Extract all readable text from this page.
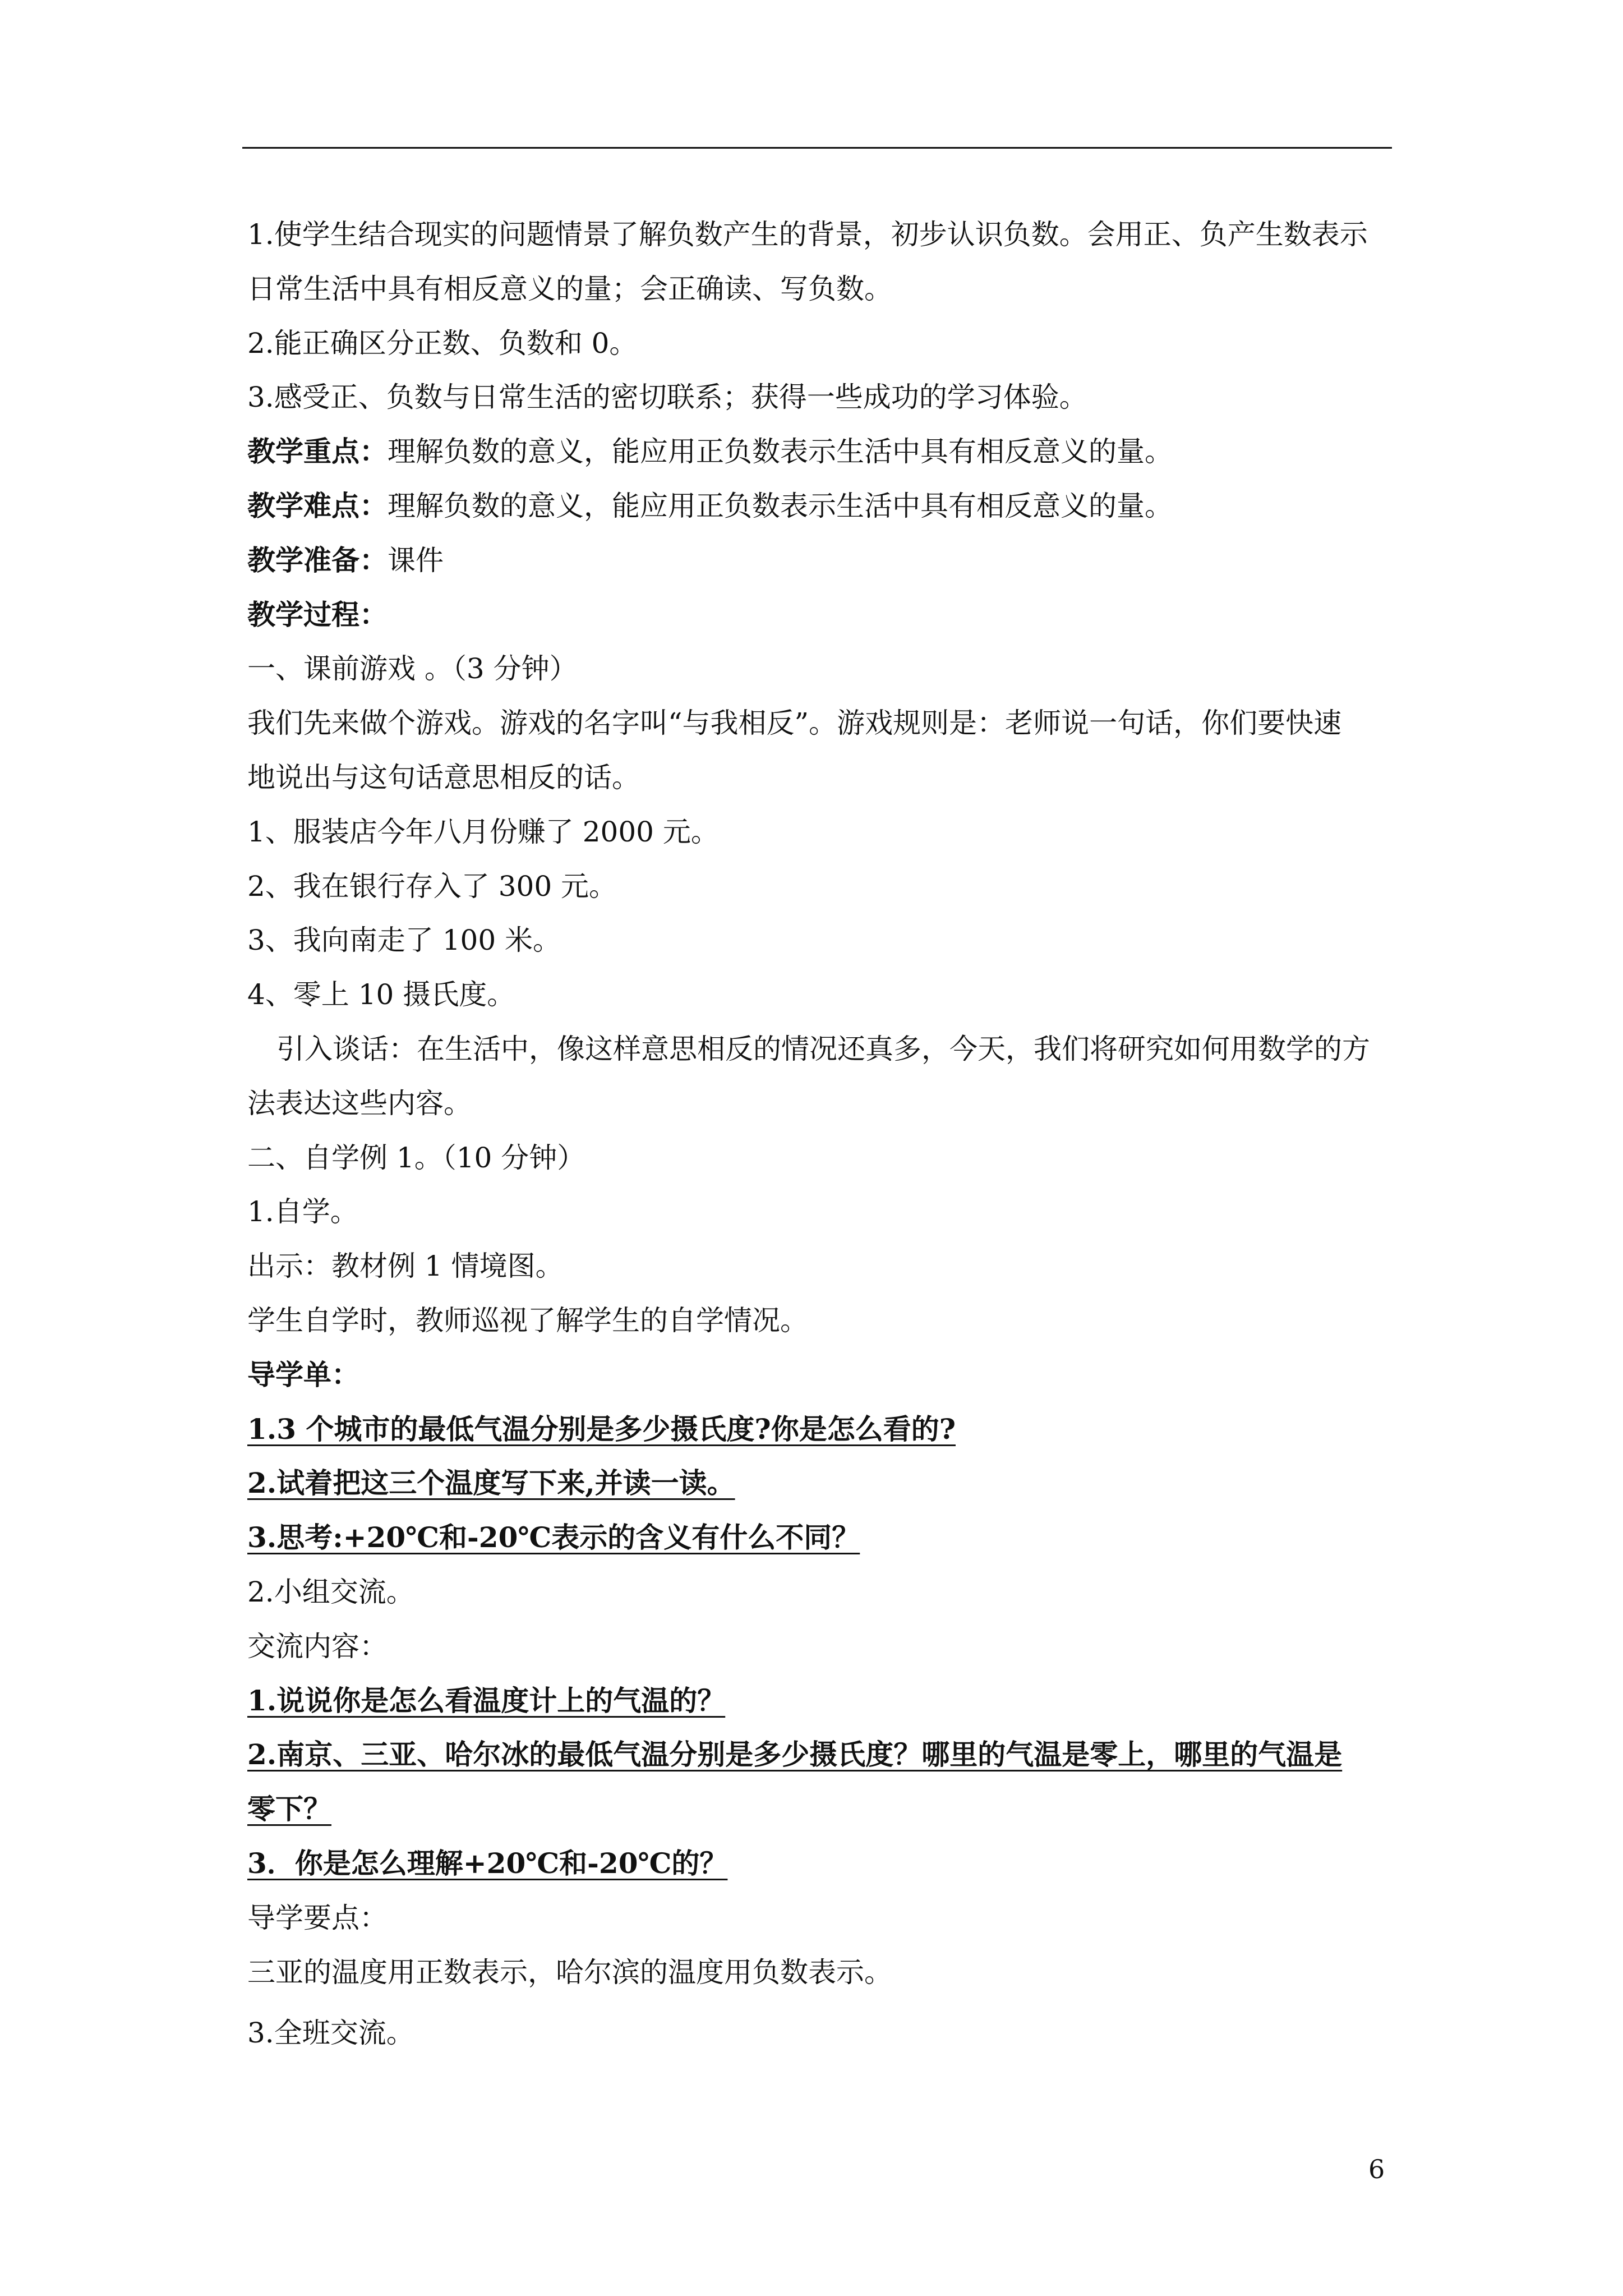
1.使学生结合现实的问题情景了解负数产生的背景，初步认识负数。会用正、负产生数表示
日常生活中具有相反意义的量；会正确读、写负数。
2.能正确区分正数、负数和 0。
3.感受正、负数与日常生活的密切联系；获得一些成功的学习体验。
教学重点：理解负数的意义，能应用正负数表示生活中具有相反意义的量。
教学难点：理解负数的意义，能应用正负数表示生活中具有相反意义的量。
教学准备：课件
教学过程：
一、课前游戏 。（3 分钟）
我们先来做个游戏。游戏的名字叫“与我相反”。游戏规则是：老师说一句话，你们要快速
地说出与这句话意思相反的话。
1、服装店今年八月份赚了 2000 元。
2、我在银行存入了 300 元。
3、我向南走了 100 米。
4、零上 10 摄氏度。
引入谈话：在生活中，像这样意思相反的情况还真多，今天，我们将研究如何用数学的方
法表达这些内容。
二、自学例 1。（10 分钟）
1.自学。
出示：教材例 1 情境图。
学生自学时，教师巡视了解学生的自学情况。
导学单：
1.3 个城市的最低气温分别是多少摄氏度?你是怎么看的?
2.试着把这三个温度写下来,并读一读。
3.思考:+20℃和-20℃表示的含义有什么不同？
2.小组交流。
交流内容：
1.说说你是怎么看温度计上的气温的？
2.南京、三亚、哈尔冰的最低气温分别是多少摄氏度？哪里的气温是零上，哪里的气温是
零下？
3．你是怎么理解+20℃和-20℃的？
导学要点：
三亚的温度用正数表示，哈尔滨的温度用负数表示。
3.全班交流。
6
